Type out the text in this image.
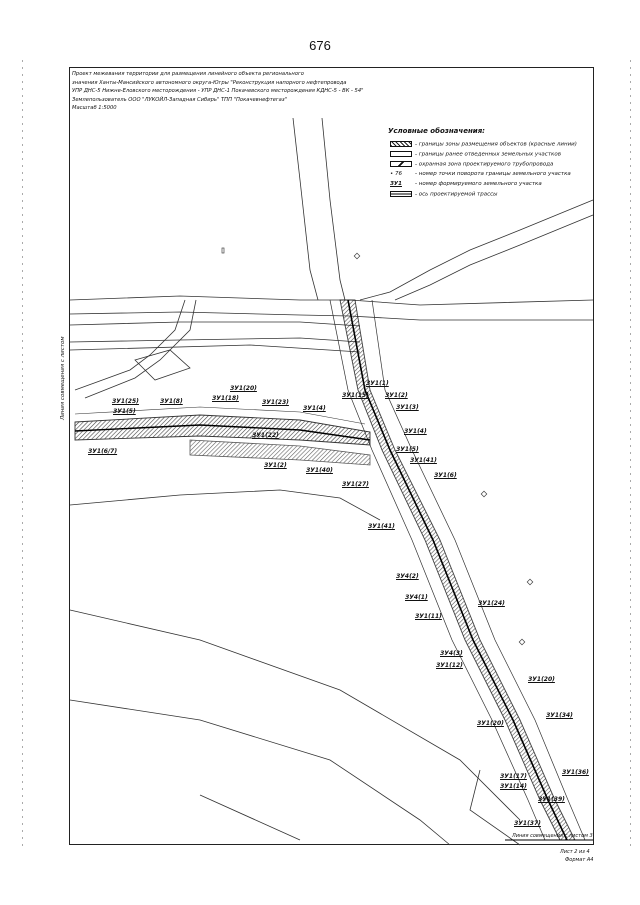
676
Проект межевания территории для размещения линейного объекта регионального
значения Ханты-Мансийского автономного округа-Югры "Реконструкция напорного нефтепровода
УПР ДНС-5 Нижне-Еловского месторождения - УПР ДНС-1 Покачевского месторождения КДНС-5 - ВК - 54"
Землепользователь ООО "ЛУКОЙЛ-Западная Сибирь" ТПП "Покачевнефтегаз"
Масштаб 1:5000
Условные обозначения:
- границы зоны размещения объектов (красные линии)
- границы ранее отведенных земельных участков
- охранная зона проектируемого трубопровода
• 76 - номер точки поворота границы земельного участка
ЗУ1 - номер формируемого земельного участка
- ось проектируемой трассы
ЗУ1(20)
ЗУ1(25)	ЗУ1(8)	ЗУ1(18)
ЗУ1(5)
ЗУ1(23)
ЗУ1(15)
ЗУ1(4)
ЗУ1(22)
ЗУ1(6/7)
ЗУ1(2)
ЗУ1(40)
ЗУ1(1)
ЗУ1(2)
ЗУ1(3)
ЗУ1(4)
ЗУ1(5)
ЗУ1(41)
ЗУ1(6)
ЗУ1(27)
ЗУ1(41)
ЗУ4(2)
ЗУ4(1)
ЗУ1(24)
ЗУ1(11)
ЗУ4(3)
ЗУ1(12)
ЗУ1(20)
ЗУ1(34)
ЗУ1(20)
ЗУ1(17)
ЗУ1(36)
ЗУ1(14)
ЗУ1(39)
ЗУ1(37)
Линия совмещения с листом
Линия совмещения с листом 3
Лист 2 из 4
Формат А4
